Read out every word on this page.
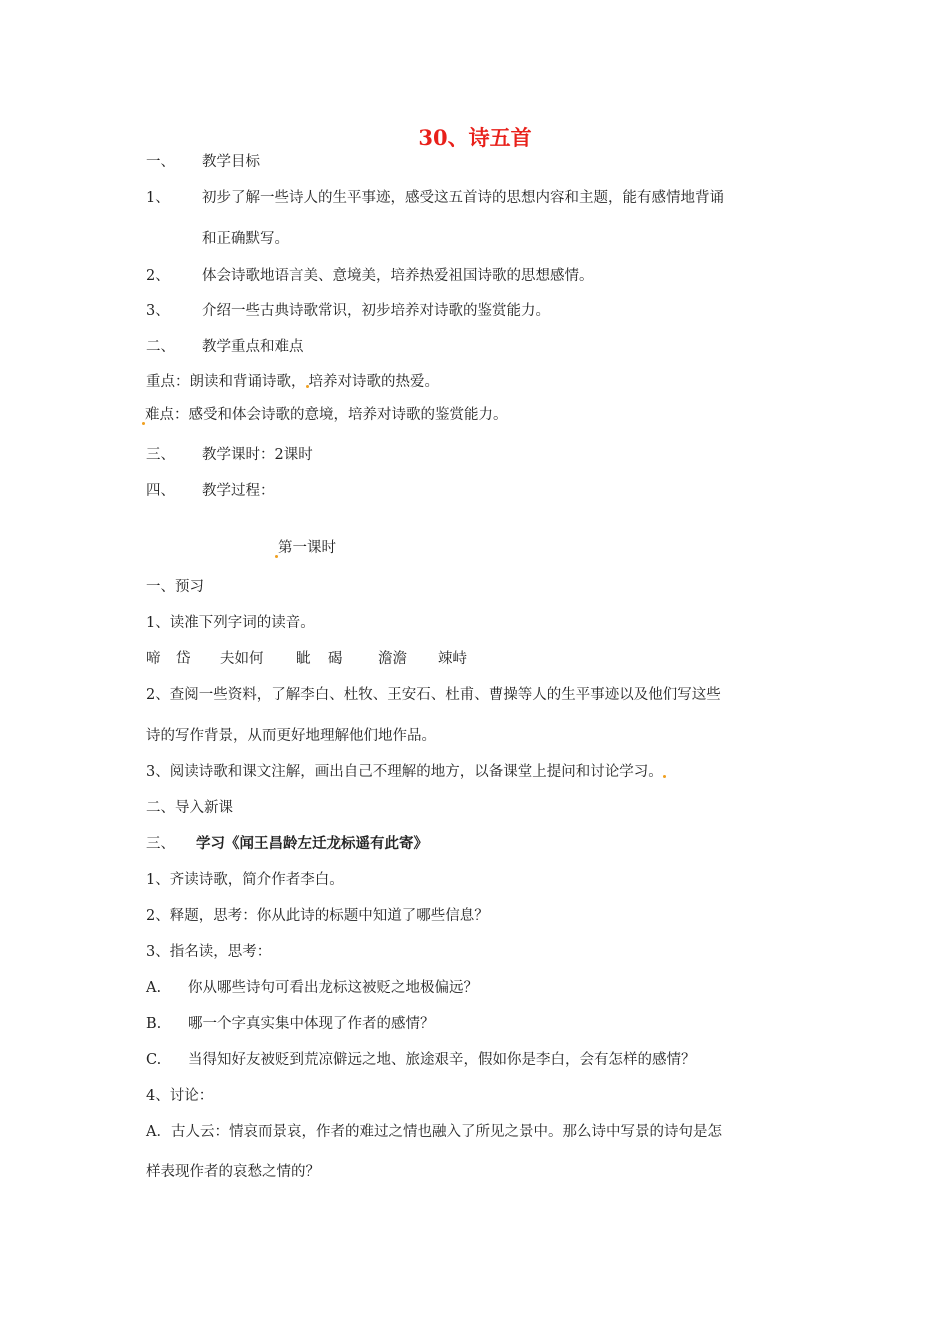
30、诗五首
一、 教学目标
1、 初步了解一些诗人的生平事迹，感受这五首诗的思想内容和主题，能有感情地背诵
和正确默写。
2、 体会诗歌地语言美、意境美，培养热爱祖国诗歌的思想感情。
3、 介绍一些古典诗歌常识，初步培养对诗歌的鉴赏能力。
二、 教学重点和难点
重点：朗读和背诵诗歌， 培养对诗歌的热爱。
难点：感受和体会诗歌的意境，培养对诗歌的鉴赏能力。
三、 教学课时：2课时
四、 教学过程：
第一课时
一、预习
1、读准下列字词的读音。
啼 岱 夫如何 眦 碣 澹澹 竦峙
2、查阅一些资料，了解李白、杜牧、王安石、杜甫、曹操等人的生平事迹以及他们写这些
诗的写作背景，从而更好地理解他们地作品。
3、阅读诗歌和课文注解，画出自己不理解的地方，以备课堂上提问和讨论学习。
二、导入新课
三、 学习《闻王昌龄左迁龙标遥有此寄》
1、齐读诗歌，简介作者李白。
2、释题，思考：你从此诗的标题中知道了哪些信息？
3、指名读，思考：
A. 你从哪些诗句可看出龙标这被贬之地极偏远？
B. 哪一个字真实集中体现了作者的感情？
C. 当得知好友被贬到荒凉僻远之地、旅途艰辛，假如你是李白，会有怎样的感情？
4、讨论：
A．古人云：情哀而景哀，作者的难过之情也融入了所见之景中。那么诗中写景的诗句是怎
样表现作者的哀愁之情的？
